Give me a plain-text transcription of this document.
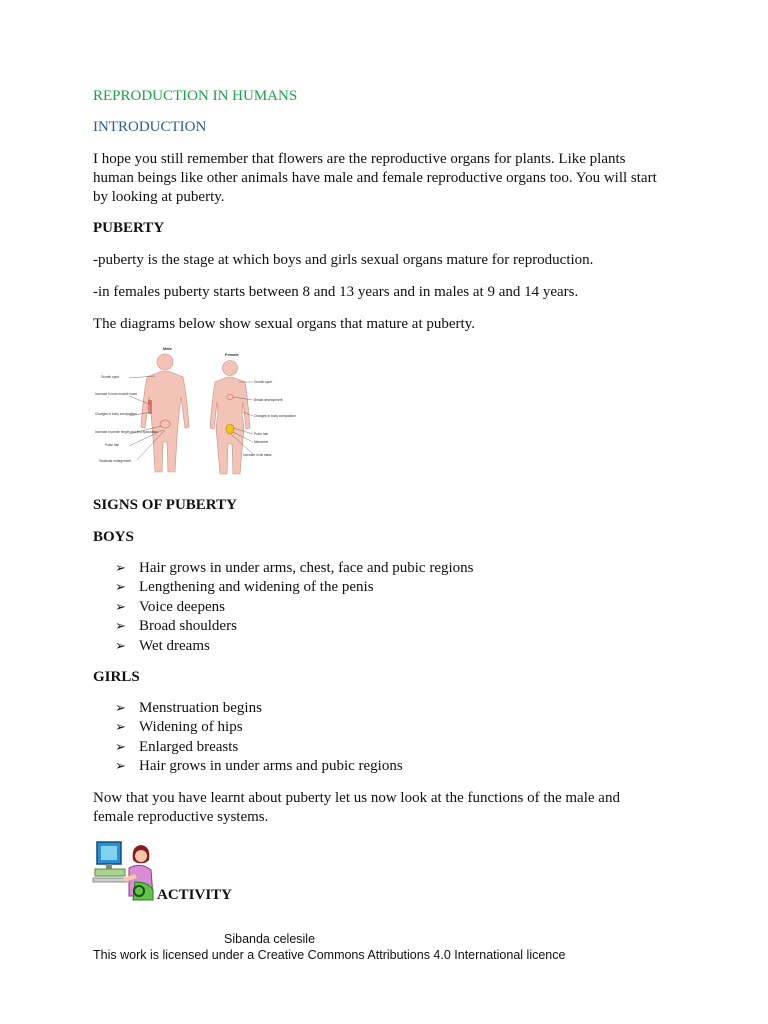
REPRODUCTION IN HUMANS
INTRODUCTION
I hope you still remember that flowers are the reproductive organs for plants. Like plants human beings like other animals have male and female reproductive organs too. You will start by looking at puberty.
PUBERTY
-puberty is the stage at which boys and girls sexual organs mature for reproduction.
-in females puberty starts between 8 and 13 years and in males at 9 and 14 years.
The diagrams below show sexual organs that mature at puberty.
Male
Female
Growth spurt
Increase in lean muscle mass
Changes in body composition
Increase in penile length and first ejaculation
Pubic hair
Testicular enlargement
Growth spurt
Breast development
Changes in body composition
Pubic hair
Menarche
Increase in fat mass
SIGNS OF PUBERTY
BOYS
➢ Hair grows in under arms, chest, face and pubic regions
➢ Lengthening and widening of the penis
➢ Voice deepens
➢ Broad shoulders
➢ Wet dreams
GIRLS
➢ Menstruation begins
➢ Widening of hips
➢ Enlarged breasts
➢ Hair grows in under arms and pubic regions
Now that you have learnt about puberty let us now look at the functions of the male and female reproductive systems.
ACTIVITY
Sibanda celesile
This work is licensed under a Creative Commons Attributions 4.0 International licence
